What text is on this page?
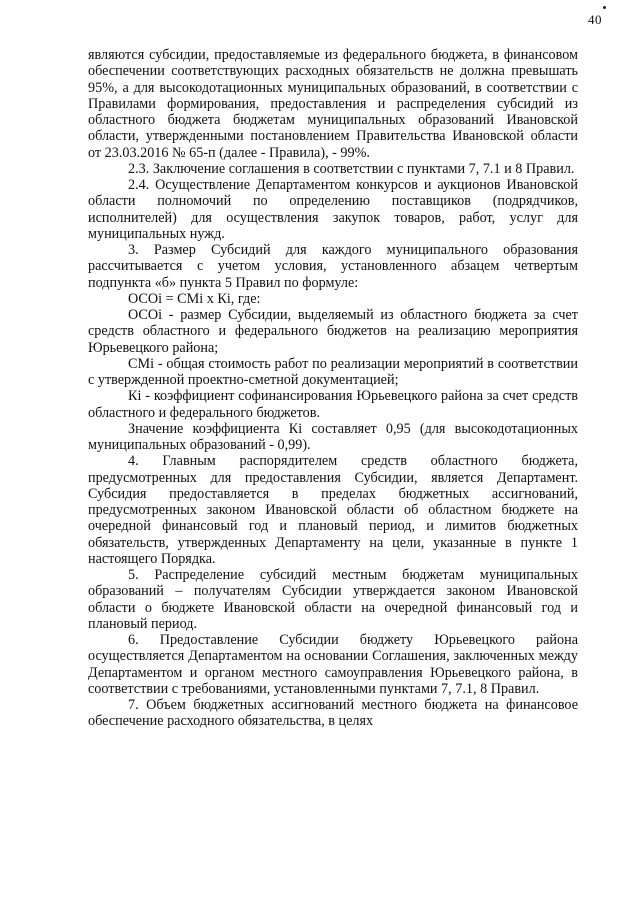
40

являются субсидии, предоставляемые из федерального бюджета, в финансовом обеспечении соответствующих расходных обязательств не должна превышать 95%, а для высокодотационных муниципальных образований, в соответствии с Правилами формирования, предоставления и распределения субсидий из областного бюджета бюджетам муниципальных образований Ивановской области, утвержденными постановлением Правительства Ивановской области от 23.03.2016 № 65-п (далее - Правила), - 99%.

2.3. Заключение соглашения в соответствии с пунктами 7, 7.1 и 8 Правил.

2.4. Осуществление Департаментом конкурсов и аукционов Ивановской области полномочий по определению поставщиков (подрядчиков, исполнителей) для осуществления закупок товаров, работ, услуг для муниципальных нужд.

3. Размер Субсидий для каждого муниципального образования рассчитывается с учетом условия, установленного абзацем четвертым подпункта «б» пункта 5 Правил по формуле:

ОСОi = СМi х Кi, где:

ОСОi - размер Субсидии, выделяемый из областного бюджета за счет средств областного и федерального бюджетов на реализацию мероприятия Юрьевецкого района;

СМi - общая стоимость работ по реализации мероприятий в соответствии с утвержденной проектно-сметной документацией;

Кi - коэффициент софинансирования Юрьевецкого района за счет средств областного и федерального бюджетов.

Значение коэффициента Кi составляет 0,95 (для высокодотационных муниципальных образований - 0,99).

4. Главным распорядителем средств областного бюджета, предусмотренных для предоставления Субсидии, является Департамент. Субсидия предоставляется в пределах бюджетных ассигнований, предусмотренных законом Ивановской области об областном бюджете на очередной финансовый год и плановый период, и лимитов бюджетных обязательств, утвержденных Департаменту на цели, указанные в пункте 1 настоящего Порядка.

5. Распределение субсидий местным бюджетам муниципальных образований – получателям Субсидии утверждается законом Ивановской области о бюджете Ивановской области на очередной финансовый год и плановый период.

6. Предоставление Субсидии бюджету Юрьевецкого района осуществляется Департаментом на основании Соглашения, заключенных между Департаментом и органом местного самоуправления Юрьевецкого района, в соответствии с требованиями, установленными пунктами 7, 7.1, 8 Правил.

7. Объем бюджетных ассигнований местного бюджета на финансовое обеспечение расходного обязательства, в целях
